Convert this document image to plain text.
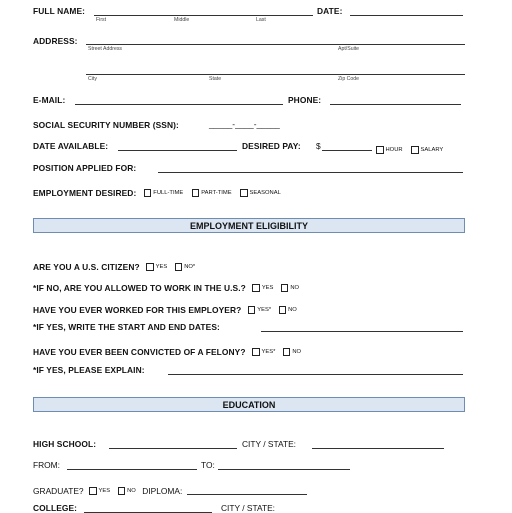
FULL NAME:
First	Middle	Last
DATE:
ADDRESS:
Street Address	Apt/Suite
City	State	Zip Code
E-MAIL:	PHONE:
SOCIAL SECURITY NUMBER (SSN):	_____-____-_____
DATE AVAILABLE:	DESIRED PAY: $	HOUR	SALARY
POSITION APPLIED FOR:
EMPLOYMENT DESIRED:	FULL-TIME	PART-TIME	SEASONAL
EMPLOYMENT ELIGIBILITY
ARE YOU A U.S. CITIZEN?	YES	NO*
*IF NO, ARE YOU ALLOWED TO WORK IN THE U.S.?	YES	NO
HAVE YOU EVER WORKED FOR THIS EMPLOYER?	YES*	NO
*IF YES, WRITE THE START AND END DATES:
HAVE YOU EVER BEEN CONVICTED OF A FELONY?	YES*	NO
*IF YES, PLEASE EXPLAIN:
EDUCATION
HIGH SCHOOL:	CITY / STATE:
FROM:	TO:
GRADUATE?	YES	NO DIPLOMA:
COLLEGE:	CITY / STATE:
